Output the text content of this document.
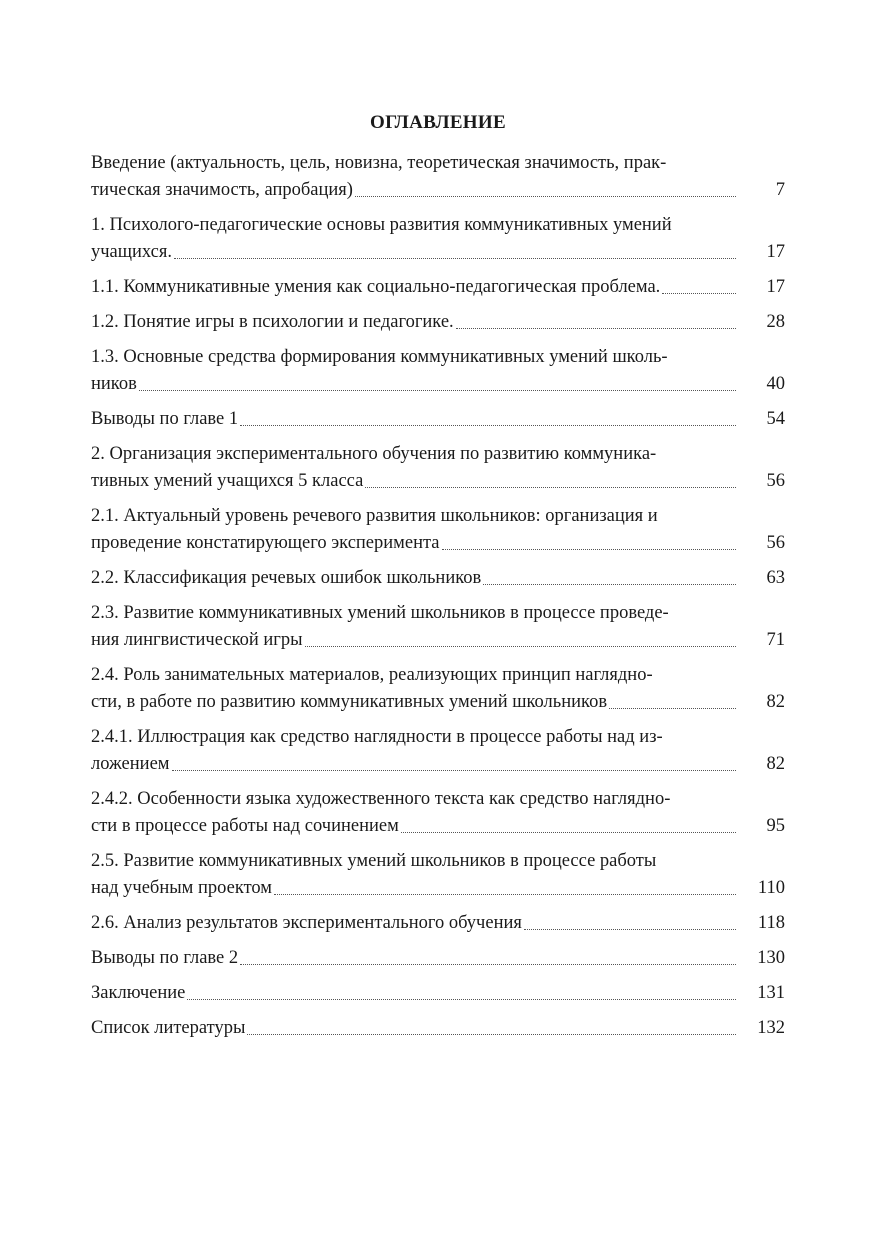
ОГЛАВЛЕНИЕ
Введение (актуальность, цель, новизна, теоретическая значимость, прак-
тическая значимость, апробация)	7
1. Психолого-педагогические основы развития коммуникативных умений
учащихся.	17
1.1. Коммуникативные умения как социально-педагогическая проблема.	17
1.2. Понятие игры в психологии и педагогике.	28
1.3. Основные средства формирования коммуникативных умений школь-
ников	40
Выводы по главе 1	54
2. Организация экспериментального обучения по развитию коммуника-
тивных умений учащихся 5 класса	56
2.1. Актуальный уровень речевого развития школьников: организация и
проведение констатирующего эксперимента	56
2.2. Классификация речевых ошибок школьников	63
2.3. Развитие коммуникативных умений школьников в процессе проведе-
ния лингвистической игры	71
2.4. Роль занимательных материалов, реализующих принцип наглядно-
сти, в работе по развитию коммуникативных умений школьников	82
2.4.1. Иллюстрация как средство наглядности в процессе работы над из-
ложением	82
2.4.2. Особенности языка художественного текста как средство наглядно-
сти в процессе работы над сочинением	95
2.5. Развитие коммуникативных умений школьников в процессе работы
над учебным проектом	110
2.6. Анализ результатов экспериментального обучения	118
Выводы по главе 2	130
Заключение	131
Список литературы	132
